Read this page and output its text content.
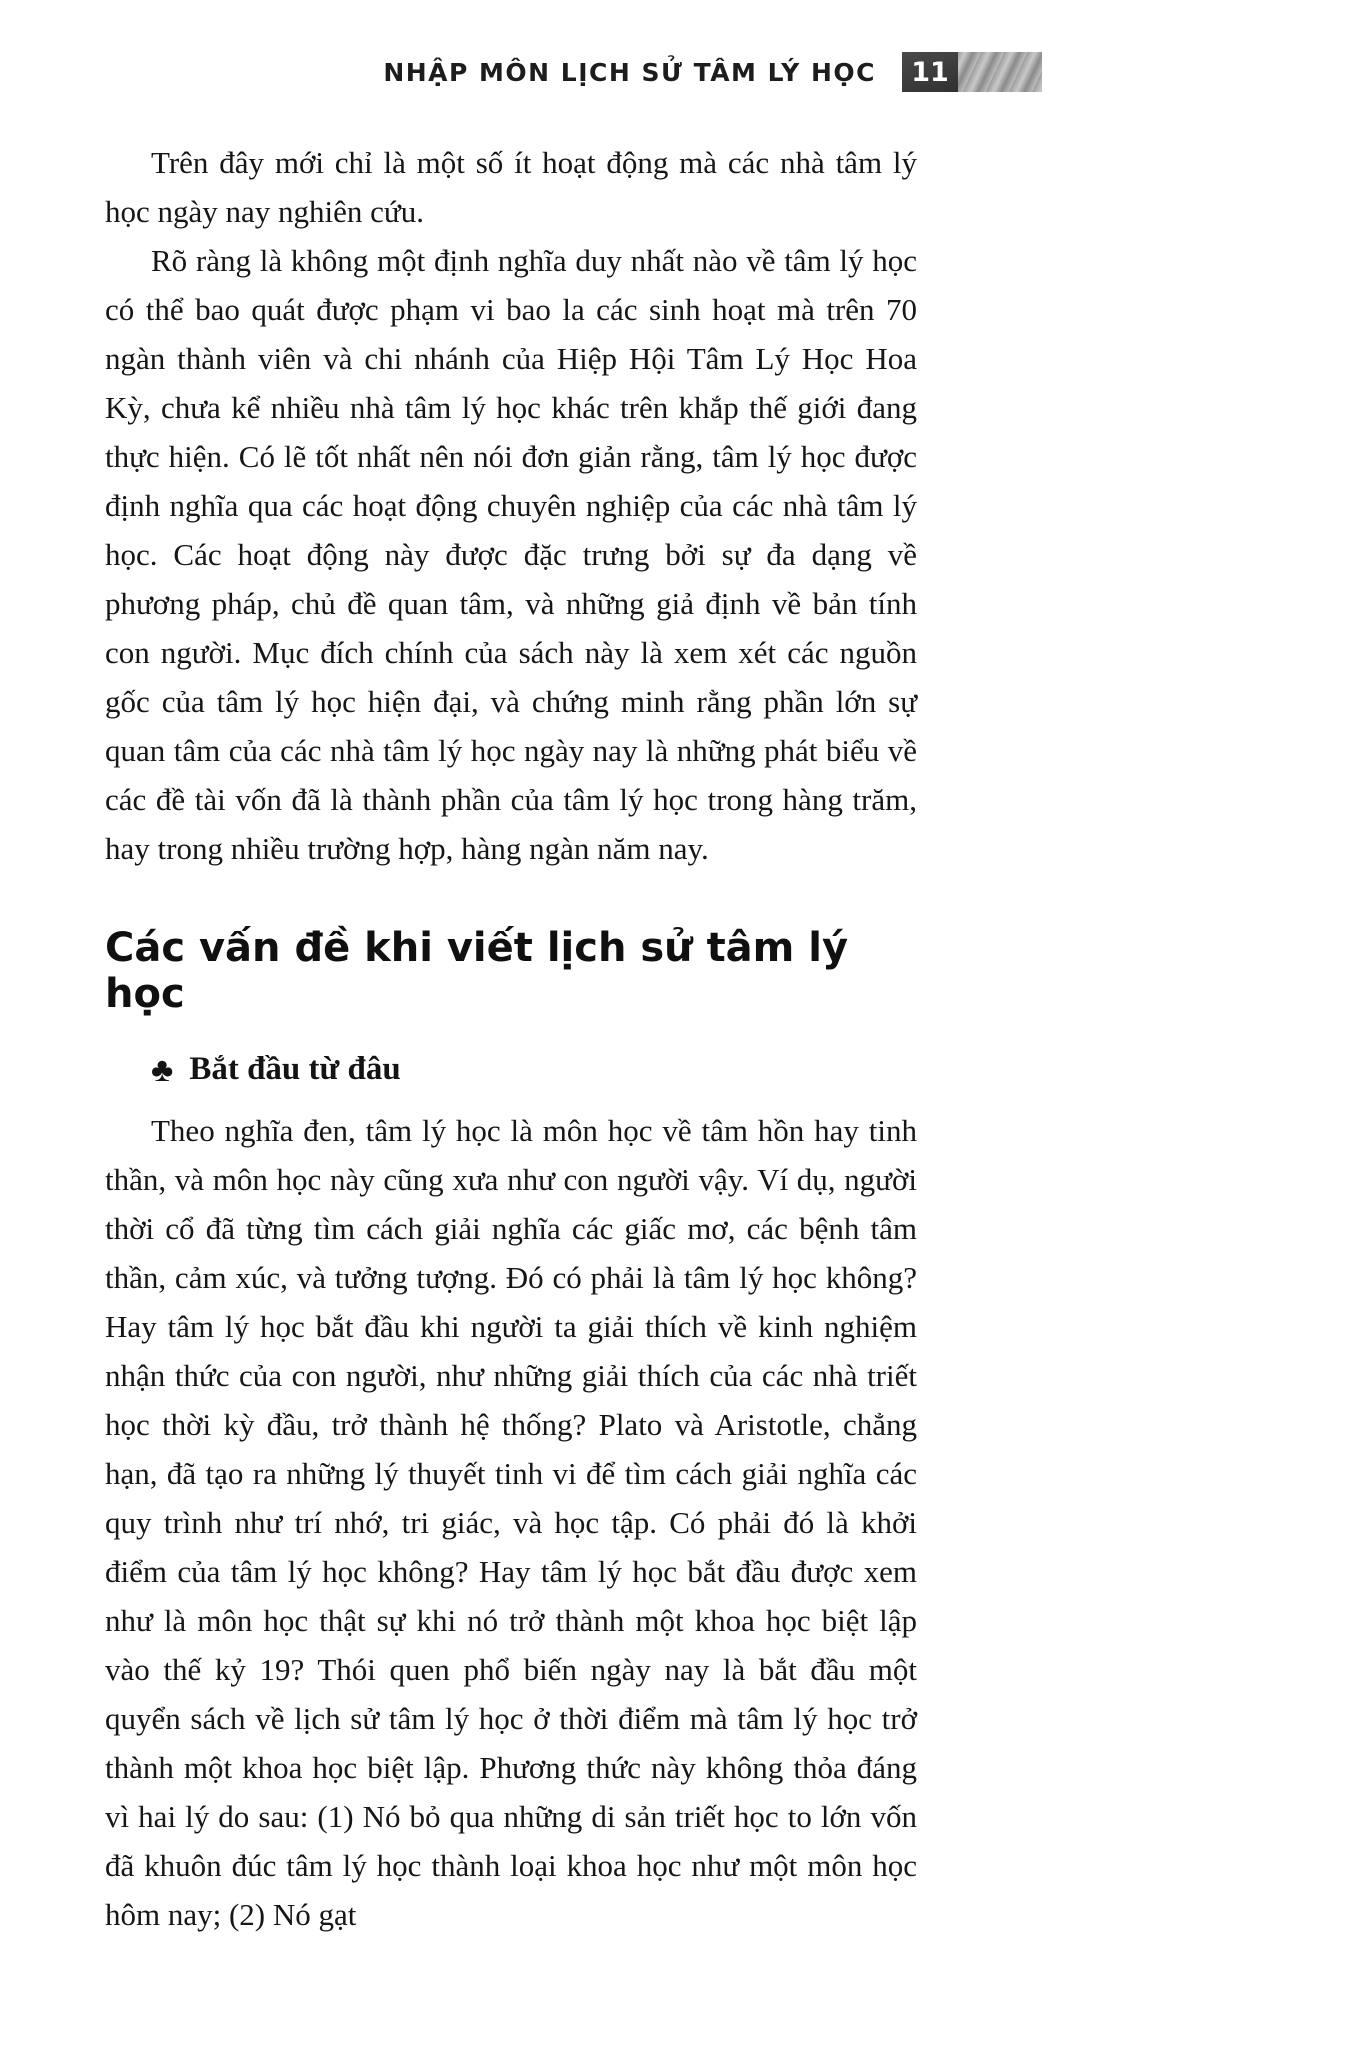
NHẬP MÔN LỊCH SỬ TÂM LÝ HỌC 11

Trên đây mới chỉ là một số ít hoạt động mà các nhà tâm lý học ngày nay nghiên cứu.

Rõ ràng là không một định nghĩa duy nhất nào về tâm lý học có thể bao quát được phạm vi bao la các sinh hoạt mà trên 70 ngàn thành viên và chi nhánh của Hiệp Hội Tâm Lý Học Hoa Kỳ, chưa kể nhiều nhà tâm lý học khác trên khắp thế giới đang thực hiện. Có lẽ tốt nhất nên nói đơn giản rằng, tâm lý học được định nghĩa qua các hoạt động chuyên nghiệp của các nhà tâm lý học. Các hoạt động này được đặc trưng bởi sự đa dạng về phương pháp, chủ đề quan tâm, và những giả định về bản tính con người. Mục đích chính của sách này là xem xét các nguồn gốc của tâm lý học hiện đại, và chứng minh rằng phần lớn sự quan tâm của các nhà tâm lý học ngày nay là những phát biểu về các đề tài vốn đã là thành phần của tâm lý học trong hàng trăm, hay trong nhiều trường hợp, hàng ngàn năm nay.

Các vấn đề khi viết lịch sử tâm lý học
♣ Bắt đầu từ đâu

Theo nghĩa đen, tâm lý học là môn học về tâm hồn hay tinh thần, và môn học này cũng xưa như con người vậy. Ví dụ, người thời cổ đã từng tìm cách giải nghĩa các giấc mơ, các bệnh tâm thần, cảm xúc, và tưởng tượng. Đó có phải là tâm lý học không? Hay tâm lý học bắt đầu khi người ta giải thích về kinh nghiệm nhận thức của con người, như những giải thích của các nhà triết học thời kỳ đầu, trở thành hệ thống? Plato và Aristotle, chẳng hạn, đã tạo ra những lý thuyết tinh vi để tìm cách giải nghĩa các quy trình như trí nhớ, tri giác, và học tập. Có phải đó là khởi điểm của tâm lý học không? Hay tâm lý học bắt đầu được xem như là môn học thật sự khi nó trở thành một khoa học biệt lập vào thế kỷ 19? Thói quen phổ biến ngày nay là bắt đầu một quyển sách về lịch sử tâm lý học ở thời điểm mà tâm lý học trở thành một khoa học biệt lập. Phương thức này không thỏa đáng vì hai lý do sau: (1) Nó bỏ qua những di sản triết học to lớn vốn đã khuôn đúc tâm lý học thành loại khoa học như một môn học hôm nay; (2) Nó gạt
